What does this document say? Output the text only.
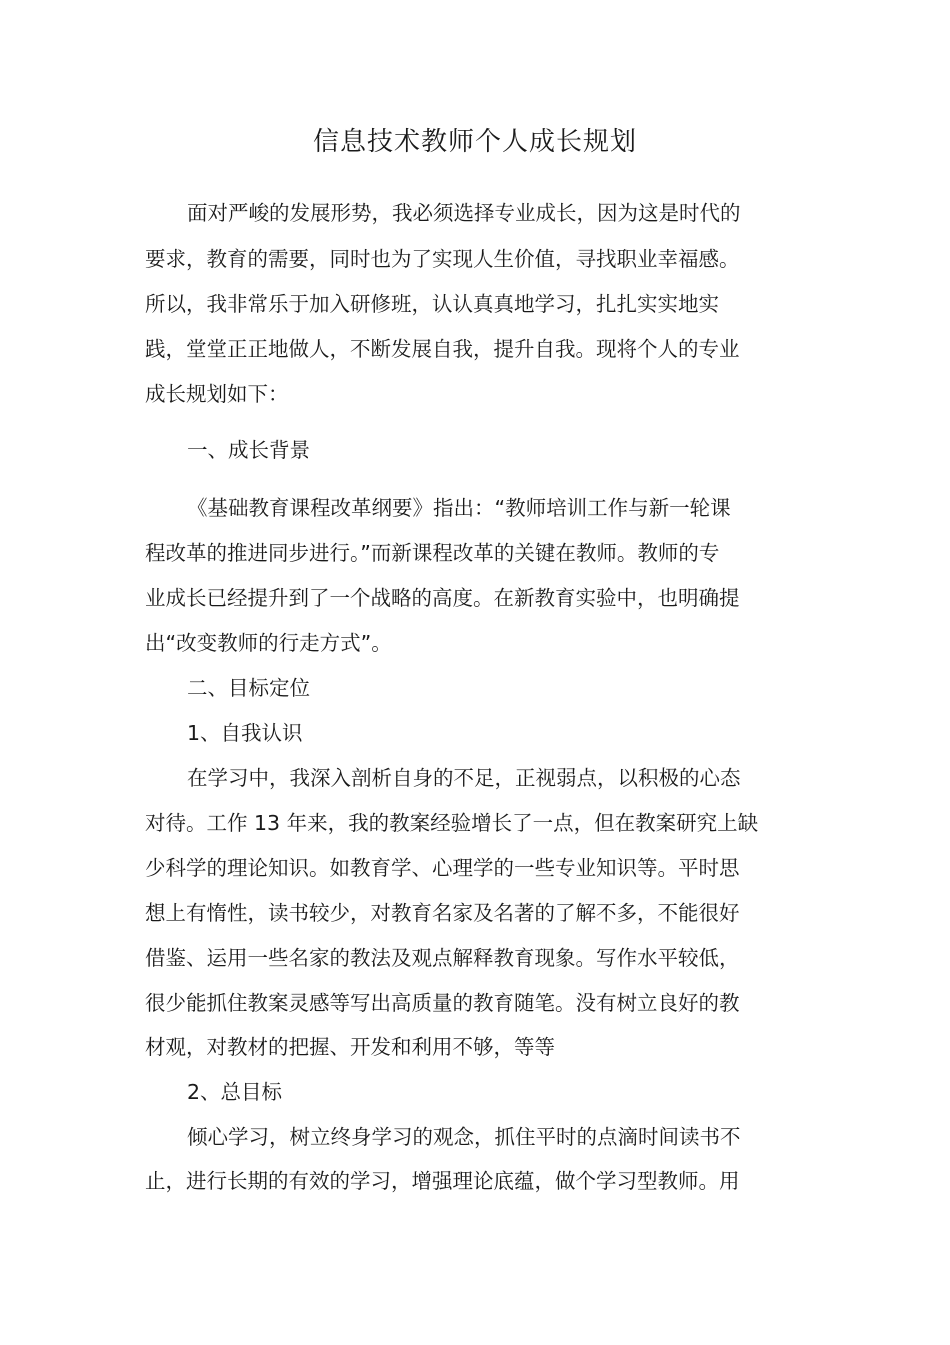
信息技术教师个人成长规划

面对严峻的发展形势，我必须选择专业成长，因为这是时代的

要求，教育的需要，同时也为了实现人生价值，寻找职业幸福感。

所以，我非常乐于加入研修班，认认真真地学习，扎扎实实地实

践，堂堂正正地做人，不断发展自我，提升自我。现将个人的专业

成长规划如下：

一、成长背景

《基础教育课程改革纲要》指出：“教师培训工作与新一轮课

程改革的推进同步进行。”而新课程改革的关键在教师。教师的专

业成长已经提升到了一个战略的高度。在新教育实验中，也明确提

出“改变教师的行走方式”。

二、目标定位

1、自我认识

在学习中，我深入剖析自身的不足，正视弱点，以积极的心态

对待。工作 13 年来，我的教案经验增长了一点，但在教案研究上缺

少科学的理论知识。如教育学、心理学的一些专业知识等。平时思

想上有惰性，读书较少，对教育名家及名著的了解不多，不能很好

借鉴、运用一些名家的教法及观点解释教育现象。写作水平较低，

很少能抓住教案灵感等写出高质量的教育随笔。没有树立良好的教

材观，对教材的把握、开发和利用不够，等等

2、总目标

倾心学习，树立终身学习的观念，抓住平时的点滴时间读书不

止，进行长期的有效的学习，增强理论底蕴，做个学习型教师。用
